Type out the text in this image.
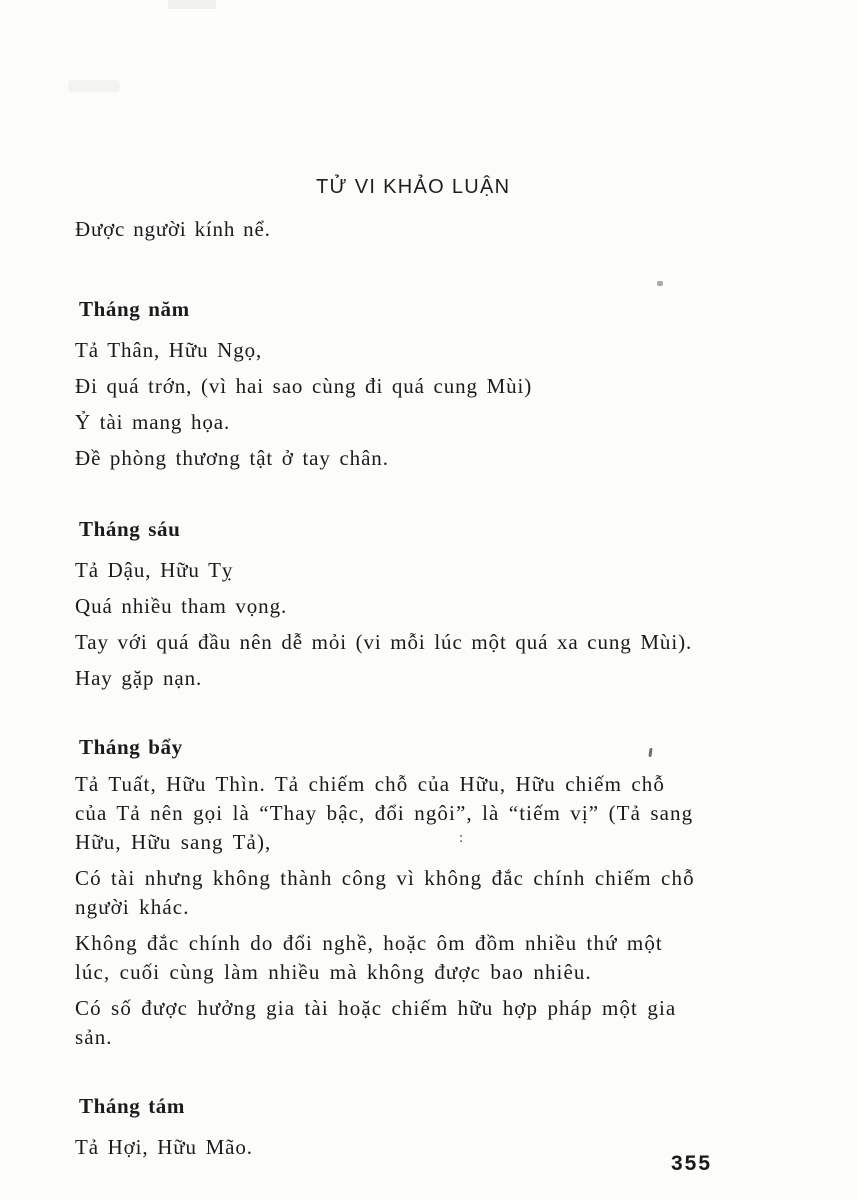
TỬ VI KHẢO LUẬN
Được người kính nể.
Tháng năm
Tả Thân, Hữu Ngọ,
Đi quá trớn, (vì hai sao cùng đi quá cung Mùi)
Ỷ tài mang họa.
Đề phòng thương tật ở tay chân.
Tháng sáu
Tả Dậu, Hữu Tỵ
Quá nhiều tham vọng.
Tay với quá đầu nên dễ mỏi (vi mỗi lúc một quá xa cung Mùi).
Hay gặp nạn.
Tháng bẩy
Tả Tuất, Hữu Thìn. Tả chiếm chỗ của Hữu, Hữu chiếm chỗ
của Tả nên gọi là “Thay bậc, đổi ngôi”, là “tiếm vị” (Tả sang
Hữu, Hữu sang Tả),
Có tài nhưng không thành công vì không đắc chính chiếm chỗ
người khác.
Không đắc chính do đổi nghề, hoặc ôm đồm nhiều thứ một
lúc, cuối cùng làm nhiều mà không được bao nhiêu.
Có số được hưởng gia tài hoặc chiếm hữu hợp pháp một gia
sản.
:
Tháng tám
Tả Hợi, Hữu Mão.
355
